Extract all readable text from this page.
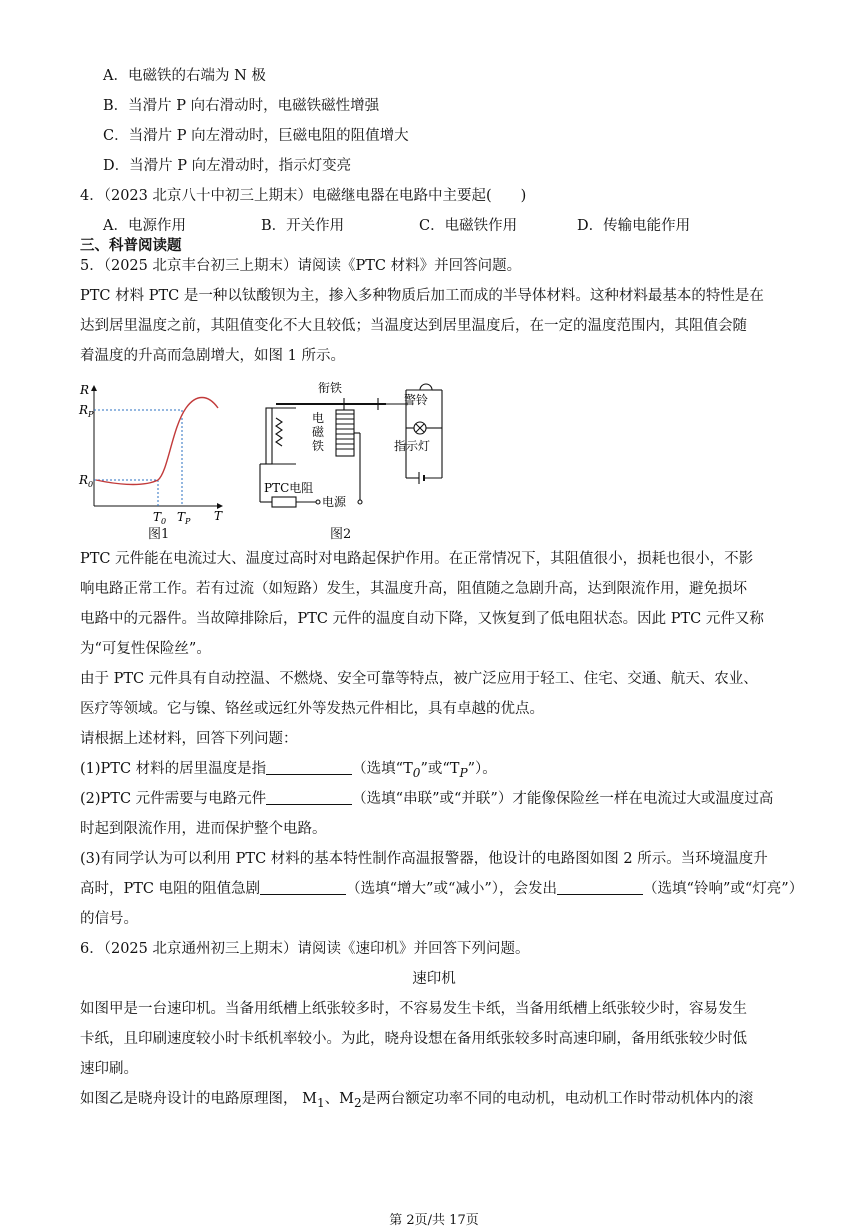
A．电磁铁的右端为 N 极
B．当滑片 P 向右滑动时，电磁铁磁性增强
C．当滑片 P 向左滑动时，巨磁电阻的阻值增大
D．当滑片 P 向左滑动时，指示灯变亮
4．（2023 北京八十中初三上期末）电磁继电器在电路中主要起(　　)
A．电源作用	B．开关作用	C．电磁铁作用	D．传输电能作用
三、科普阅读题
5．（2025 北京丰台初三上期末）请阅读《PTC 材料》并回答问题。
PTC 材料 PTC 是一种以钛酸钡为主，掺入多种物质后加工而成的半导体材料。这种材料最基本的特性是在
达到居里温度之前，其阻值变化不大且较低；当温度达到居里温度后，在一定的温度范围内，其阻值会随
着温度的升高而急剧增大，如图 1 所示。
R
$R_P$
$R_0$
$T_0$ $T_P$ T
图1
衔铁
警铃
电
磁
铁	指示灯
PTC电阻
电源
图2
PTC 元件能在电流过大、温度过高时对电路起保护作用。在正常情况下，其阻值很小，损耗也很小，不影
响电路正常工作。若有过流（如短路）发生，其温度升高，阻值随之急剧升高，达到限流作用，避免损坏
电路中的元器件。当故障排除后，PTC 元件的温度自动下降，又恢复到了低电阻状态。因此 PTC 元件又称
为“可复性保险丝”。
由于 PTC 元件具有自动控温、不燃烧、安全可靠等特点，被广泛应用于轻工、住宅、交通、航天、农业、
医疗等领域。它与镍、铬丝或远红外等发热元件相比，具有卓越的优点。
请根据上述材料，回答下列问题：
(1)PTC 材料的居里温度是指	（选填“$T_0$”或“$T_P$”）。
(2)PTC 元件需要与电路元件	（选填“串联”或“并联”）才能像保险丝一样在电流过大或温度过高
时起到限流作用，进而保护整个电路。
(3)有同学认为可以利用 PTC 材料的基本特性制作高温报警器，他设计的电路图如图 2 所示。当环境温度升
高时，PTC 电阻的阻值急剧	（选填“增大”或“减小”），会发出	（选填“铃响”或“灯亮”）
的信号。
6．（2025 北京通州初三上期末）请阅读《速印机》并回答下列问题。
速印机
如图甲是一台速印机。当备用纸槽上纸张较多时，不容易发生卡纸，当备用纸槽上纸张较少时，容易发生
卡纸，且印刷速度较小时卡纸机率较小。为此，晓舟设想在备用纸张较多时高速印刷，备用纸张较少时低
速印刷。
如图乙是晓舟设计的电路原理图， $M_1$、$M_2$是两台额定功率不同的电动机，电动机工作时带动机体内的滚
第 2页/共 17页
